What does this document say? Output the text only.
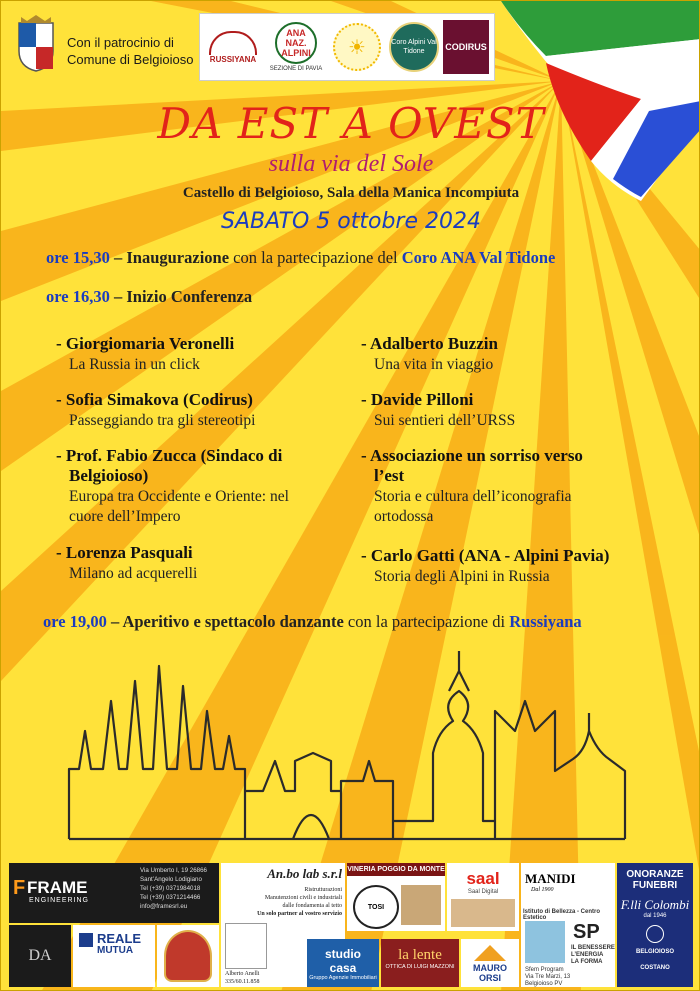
Con il patrocinio di
Comune di Belgioioso	RUSSIYANA
ANA
NAZ. ALPINI
SEZIONE DI PAVIA
☀	Coro Alpini Val Tidone	CODIRUS
DA EST A OVEST
sulla via del Sole
Castello di Belgioioso, Sala della Manica Incompiuta
SABATO 5 ottobre 2024
ore 15,30 – Inaugurazione con la partecipazione del Coro ANA Val Tidone
ore 16,30 – Inizio Conferenza
- Giorgiomaria Veronelli
La Russia in un click
- Sofia Simakova (Codirus)
Passeggiando tra gli stereotipi
- Prof. Fabio Zucca (Sindaco di
Belgioioso)
Europa tra Occidente e Oriente: nel
cuore dell’Impero
- Lorenza Pasquali
Milano ad acquerelli
- Adalberto Buzzin
Una vita in viaggio
- Davide Pilloni
Sui sentieri dell’URSS
- Associazione un sorriso verso
l’est
Storia e cultura dell’iconografia
ortodossa
- Carlo Gatti (ANA - Alpini Pavia)
Storia degli Alpini in Russia
ore 19,00 – Aperitivo e spettacolo danzante con la partecipazione di Russiyana
F FRAME
ENGINEERING
Via Umberto I, 19 26866
Sant’Angelo Lodigiano
Tel (+39) 0371984018
Tel (+39) 0371214466
info@framesrl.eu
An.bo lab s.r.l
Ristrutturazioni
Manutenzioni civili e industriali
dalle fondamenta al tetto
Un solo partner al vostro servizio
Alberto Anelli
335/60.11.858
VINERIA POGGIO DA MONTE
TOSI
saal
Saal Digital
MANIDI
Dal 1900
ONORANZE
FUNEBRI
F.lli Colombi
dal 1946
BELGIOIOSO
COSTANO
Istituto di Bellezza - Centro Estetico
SP
IL BENESSERE
L’ENERGIA
LA FORMA
Sfem Program
Via Tre Marzi, 13
Belgioioso PV
DA
REALE
MUTUA	studio
casa
Gruppo Agenzie Immobiliari
la lente
OTTICA DI LUIGI MAZZONI	MAURO ORSI
